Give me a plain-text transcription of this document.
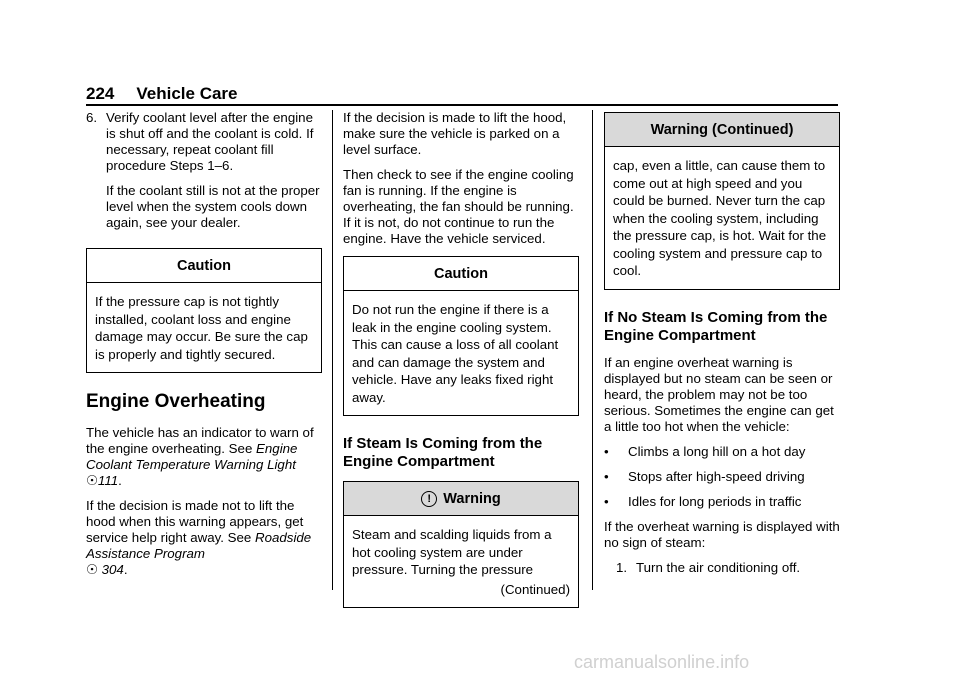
224 Vehicle Care
6. Verify coolant level after the engine is shut off and the coolant is cold. If necessary, repeat coolant fill procedure Steps 1–6.

If the coolant still is not at the proper level when the system cools down again, see your dealer.

Caution
If the pressure cap is not tightly installed, coolant loss and engine damage may occur. Be sure the cap is properly and tightly secured.
Engine Overheating

The vehicle has an indicator to warn of the engine overheating. See Engine Coolant Temperature Warning Light ☉111.

If the decision is made not to lift the hood when this warning appears, get service help right away. See Roadside Assistance Program
☉ 304.

If the decision is made to lift the hood, make sure the vehicle is parked on a level surface.

Then check to see if the engine cooling fan is running. If the engine is overheating, the fan should be running. If it is not, do not continue to run the engine. Have the vehicle serviced.

Caution
Do not run the engine if there is a leak in the engine cooling system. This can cause a loss of all coolant and can damage the system and vehicle. Have any leaks fixed right away.
If Steam Is Coming from the Engine Compartment
! Warning
Steam and scalding liquids from a hot cooling system are under pressure. Turning the pressure
(Continued)
Warning (Continued)
cap, even a little, can cause them to come out at high speed and you could be burned. Never turn the cap when the cooling system, including the pressure cap, is hot. Wait for the cooling system and pressure cap to cool.
If No Steam Is Coming from the Engine Compartment

If an engine overheat warning is displayed but no steam can be seen or heard, the problem may not be too serious. Sometimes the engine can get a little too hot when the vehicle:

•	Climbs a long hill on a hot day
•	Stops after high-speed driving
•	Idles for long periods in traffic

If the overheat warning is displayed with no sign of steam:

1. Turn the air conditioning off.
carmanualsonline.info
